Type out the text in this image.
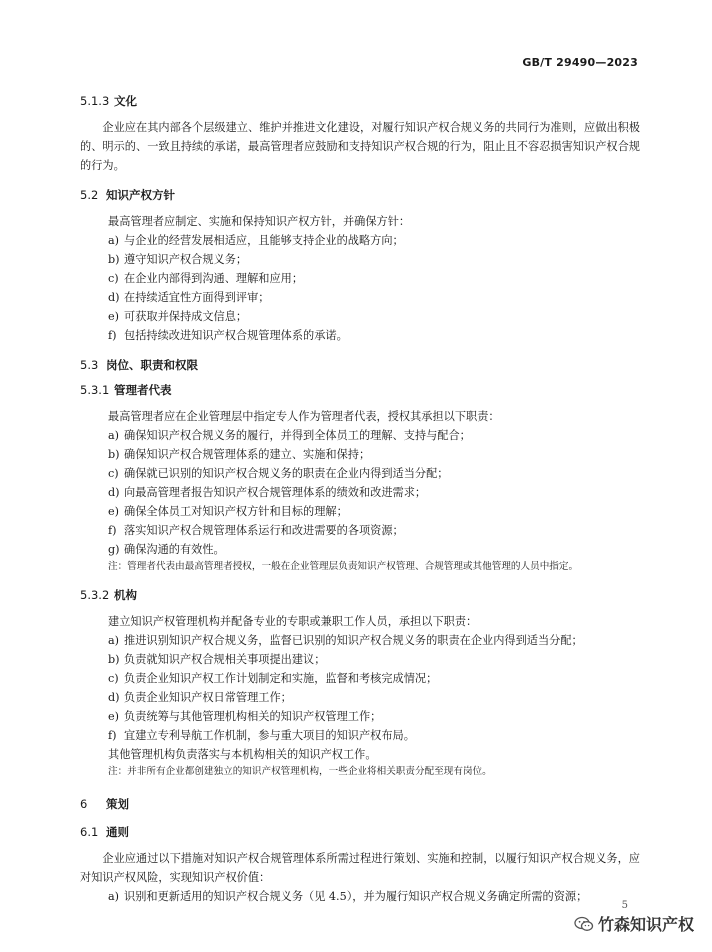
GB/T 29490—2023

5.1.3 文化

企业应在其内部各个层级建立、维护并推进文化建设，对履行知识产权合规义务的共同行为准则，应做出积极的、明示的、一致且持续的承诺，最高管理者应鼓励和支持知识产权合规的行为，阻止且不容忍损害知识产权合规的行为。

5.2 知识产权方针

最高管理者应制定、实施和保持知识产权方针，并确保方针：

a) 与企业的经营发展相适应，且能够支持企业的战略方向；
b) 遵守知识产权合规义务；
c) 在企业内部得到沟通、理解和应用；
d) 在持续适宜性方面得到评审；
e) 可获取并保持成文信息；
f) 包括持续改进知识产权合规管理体系的承诺。

5.3 岗位、职责和权限

5.3.1 管理者代表

最高管理者应在企业管理层中指定专人作为管理者代表，授权其承担以下职责：

a) 确保知识产权合规义务的履行，并得到全体员工的理解、支持与配合；
b) 确保知识产权合规管理体系的建立、实施和保持；
c) 确保就已识别的知识产权合规义务的职责在企业内得到适当分配；
d) 向最高管理者报告知识产权合规管理体系的绩效和改进需求；
e) 确保全体员工对知识产权方针和目标的理解；
f) 落实知识产权合规管理体系运行和改进需要的各项资源；
g) 确保沟通的有效性。

注：管理者代表由最高管理者授权，一般在企业管理层负责知识产权管理、合规管理或其他管理的人员中指定。

5.3.2 机构

建立知识产权管理机构并配备专业的专职或兼职工作人员，承担以下职责：

a) 推进识别知识产权合规义务，监督已识别的知识产权合规义务的职责在企业内得到适当分配；
b) 负责就知识产权合规相关事项提出建议；
c) 负责企业知识产权工作计划制定和实施，监督和考核完成情况；
d) 负责企业知识产权日常管理工作；
e) 负责统筹与其他管理机构相关的知识产权管理工作；
f) 宜建立专利导航工作机制，参与重大项目的知识产权布局。

其他管理机构负责落实与本机构相关的知识产权工作。

注：并非所有企业都创建独立的知识产权管理机构，一些企业将相关职责分配至现有岗位。

6 策划

6.1 通则

企业应通过以下措施对知识产权合规管理体系所需过程进行策划、实施和控制，以履行知识产权合规义务，应对知识产权风险，实现知识产权价值：

a) 识别和更新适用的知识产权合规义务（见 4.5），并为履行知识产权合规义务确定所需的资源；
5
竹森知识产权
